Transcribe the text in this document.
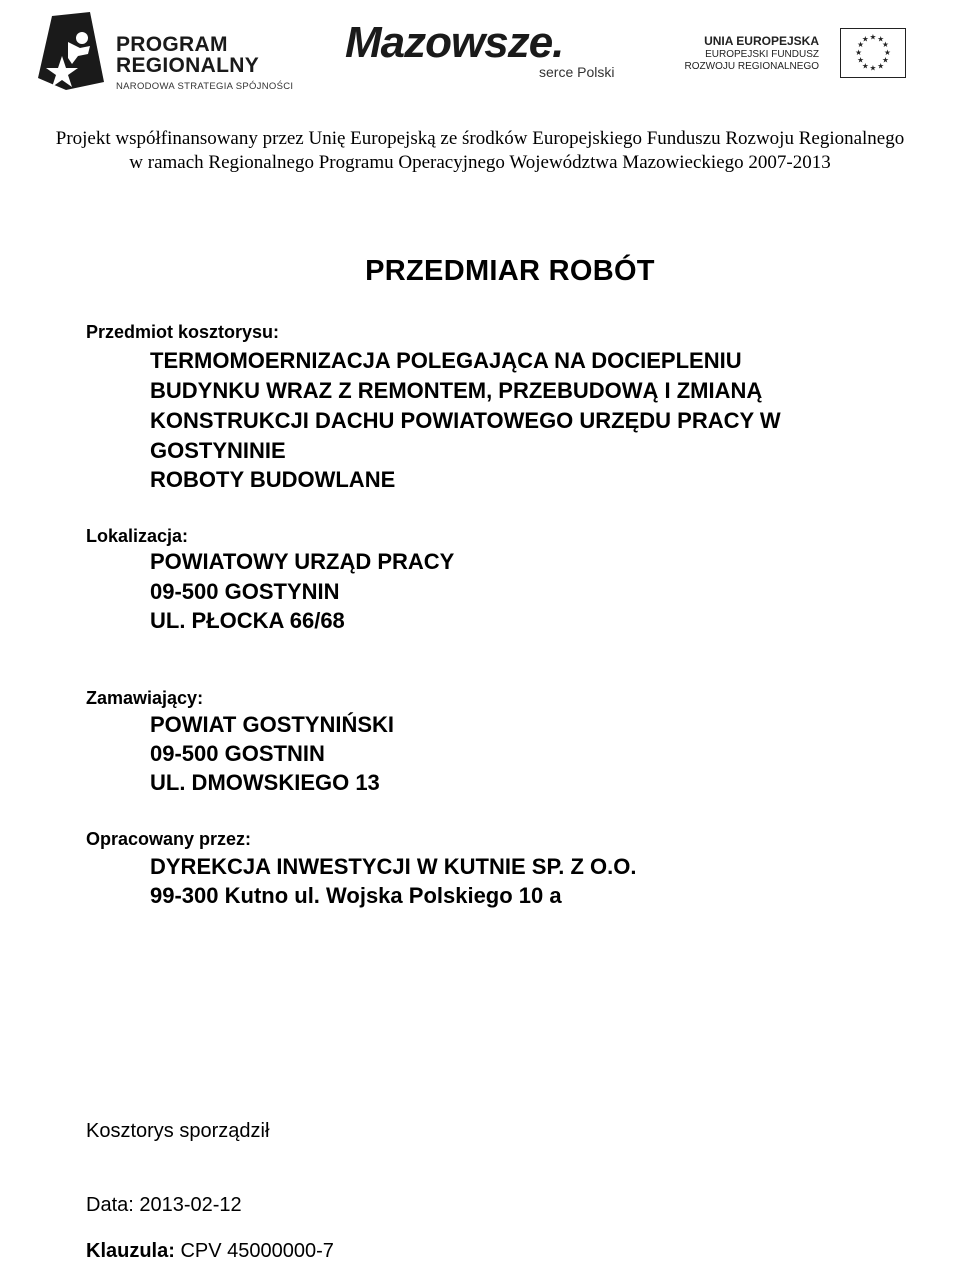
PROGRAM
REGIONALNY
NARODOWA STRATEGIA SPÓJNOŚCI
Mazowsze.
serce Polski
UNIA EUROPEJSKA
EUROPEJSKI FUNDUSZ
ROZWOJU REGIONALNEGO
★ ★
★
★
★
★
★
★
★
★
★
★
Projekt współfinansowany przez Unię Europejską ze środków Europejskiego Funduszu Rozwoju Regionalnego
w ramach Regionalnego Programu Operacyjnego Województwa Mazowieckiego 2007-2013
PRZEDMIAR ROBÓT
Przedmiot kosztorysu:
TERMOMOERNIZACJA POLEGAJĄCA NA DOCIEPLENIU
BUDYNKU WRAZ Z REMONTEM, PRZEBUDOWĄ I ZMIANĄ
KONSTRUKCJI DACHU POWIATOWEGO URZĘDU PRACY W
GOSTYNINIE
ROBOTY BUDOWLANE
Lokalizacja:
POWIATOWY URZĄD PRACY
09-500 GOSTYNIN
UL. PŁOCKA 66/68
Zamawiający:
POWIAT GOSTYNIŃSKI
09-500 GOSTNIN
UL. DMOWSKIEGO 13
Opracowany przez:
DYREKCJA INWESTYCJI W KUTNIE SP. Z O.O.
99-300 Kutno ul. Wojska Polskiego 10 a
Kosztorys sporządził
Data: 2013-02-12
Klauzula: CPV 45000000-7
